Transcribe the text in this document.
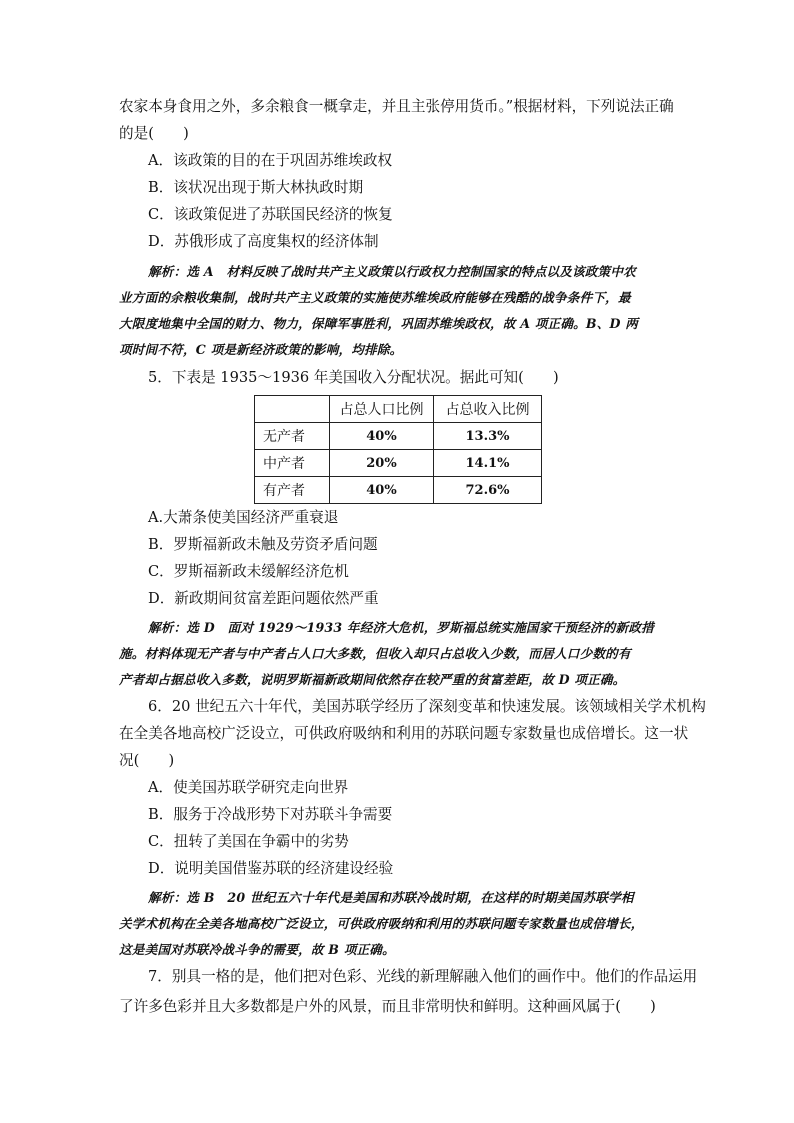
农家本身食用之外，多余粮食一概拿走，并且主张停用货币。”根据材料，下列说法正确
的是(　　)
A．该政策的目的在于巩固苏维埃政权
B．该状况出现于斯大林执政时期
C．该政策促进了苏联国民经济的恢复
D．苏俄形成了高度集权的经济体制
解析：选 A　材料反映了战时共产主义政策以行政权力控制国家的特点以及该政策中农
业方面的余粮收集制，战时共产主义政策的实施使苏维埃政府能够在残酷的战争条件下，最
大限度地集中全国的财力、物力，保障军事胜利，巩固苏维埃政权，故 A 项正确。B、D 两
项时间不符，C 项是新经济政策的影响，均排除。
5．下表是 1935～1936 年美国收入分配状况。据此可知(　　)
	占总人口比例	占总收入比例
无产者	40%	13.3%
中产者	20%	14.1%
有产者	40%	72.6%
A.大萧条使美国经济严重衰退
B．罗斯福新政未触及劳资矛盾问题
C．罗斯福新政未缓解经济危机
D．新政期间贫富差距问题依然严重
解析：选 D　面对 1929～1933 年经济大危机，罗斯福总统实施国家干预经济的新政措
施。材料体现无产者与中产者占人口大多数，但收入却只占总收入少数，而居人口少数的有
产者却占据总收入多数，说明罗斯福新政期间依然存在较严重的贫富差距，故 D 项正确。
6．20 世纪五六十年代，美国苏联学经历了深刻变革和快速发展。该领域相关学术机构
在全美各地高校广泛设立，可供政府吸纳和利用的苏联问题专家数量也成倍增长。这一状
况(　　)
A．使美国苏联学研究走向世界
B．服务于冷战形势下对苏联斗争需要
C．扭转了美国在争霸中的劣势
D．说明美国借鉴苏联的经济建设经验
解析：选 B　20 世纪五六十年代是美国和苏联冷战时期，在这样的时期美国苏联学相
关学术机构在全美各地高校广泛设立，可供政府吸纳和利用的苏联问题专家数量也成倍增长，
这是美国对苏联冷战斗争的需要，故 B 项正确。
7．别具一格的是，他们把对色彩、光线的新理解融入他们的画作中。他们的作品运用
了许多色彩并且大多数都是户外的风景，而且非常明快和鲜明。这种画风属于(　　)
